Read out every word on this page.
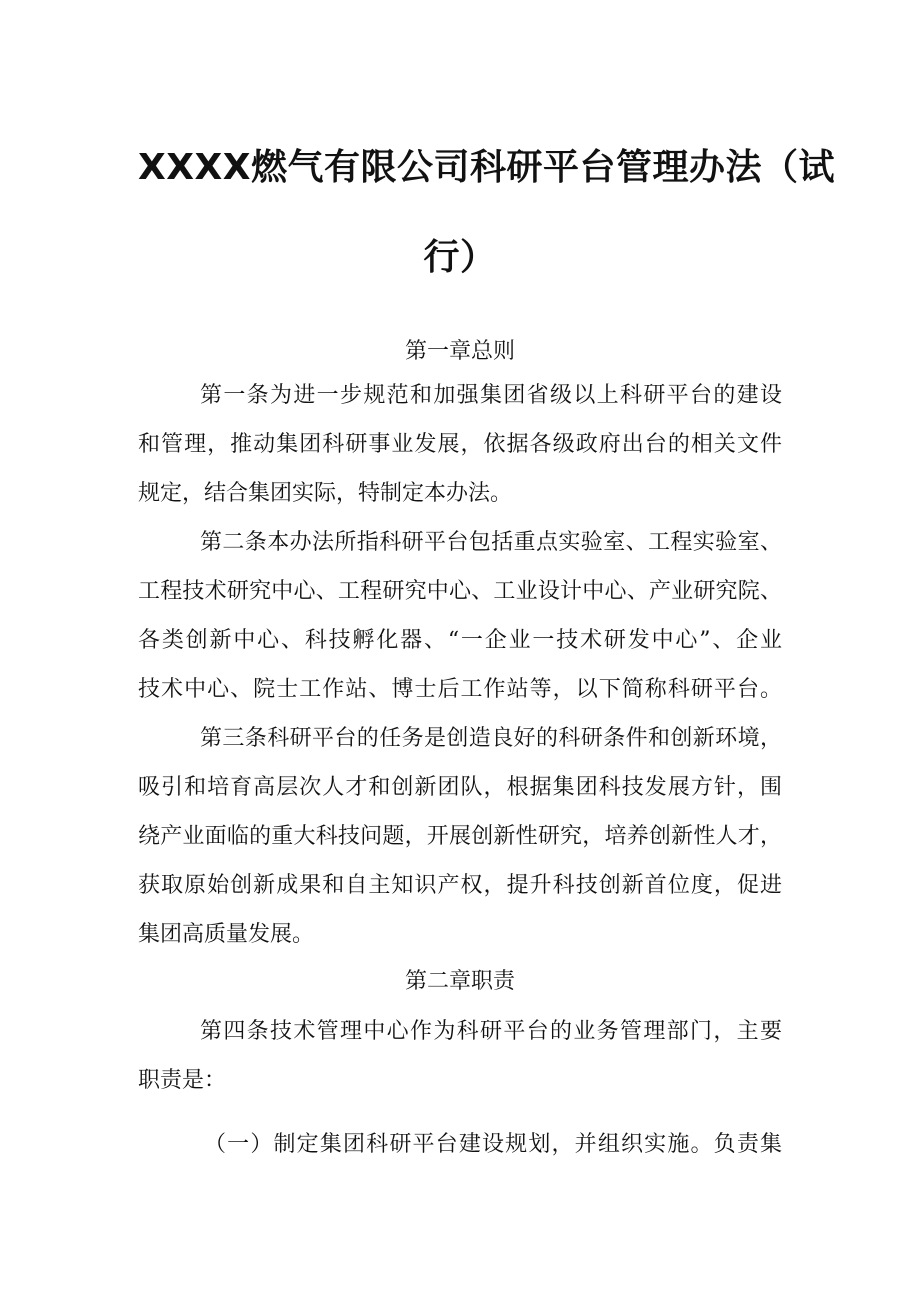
XXXX燃气有限公司科研平台管理办法（试
行）
第一章总则
第一条为进一步规范和加强集团省级以上科研平台的建设
和管理，推动集团科研事业发展，依据各级政府出台的相关文件
规定，结合集团实际，特制定本办法。
第二条本办法所指科研平台包括重点实验室、工程实验室、
工程技术研究中心、工程研究中心、工业设计中心、产业研究院、
各类创新中心、科技孵化器、“一企业一技术研发中心”、企业
技术中心、院士工作站、博士后工作站等，以下简称科研平台。
第三条科研平台的任务是创造良好的科研条件和创新环境，
吸引和培育高层次人才和创新团队，根据集团科技发展方针，围
绕产业面临的重大科技问题，开展创新性研究，培养创新性人才，
获取原始创新成果和自主知识产权，提升科技创新首位度，促进
集团高质量发展。
第二章职责
第四条技术管理中心作为科研平台的业务管理部门，主要
职责是：
（一）制定集团科研平台建设规划，并组织实施。负责集
